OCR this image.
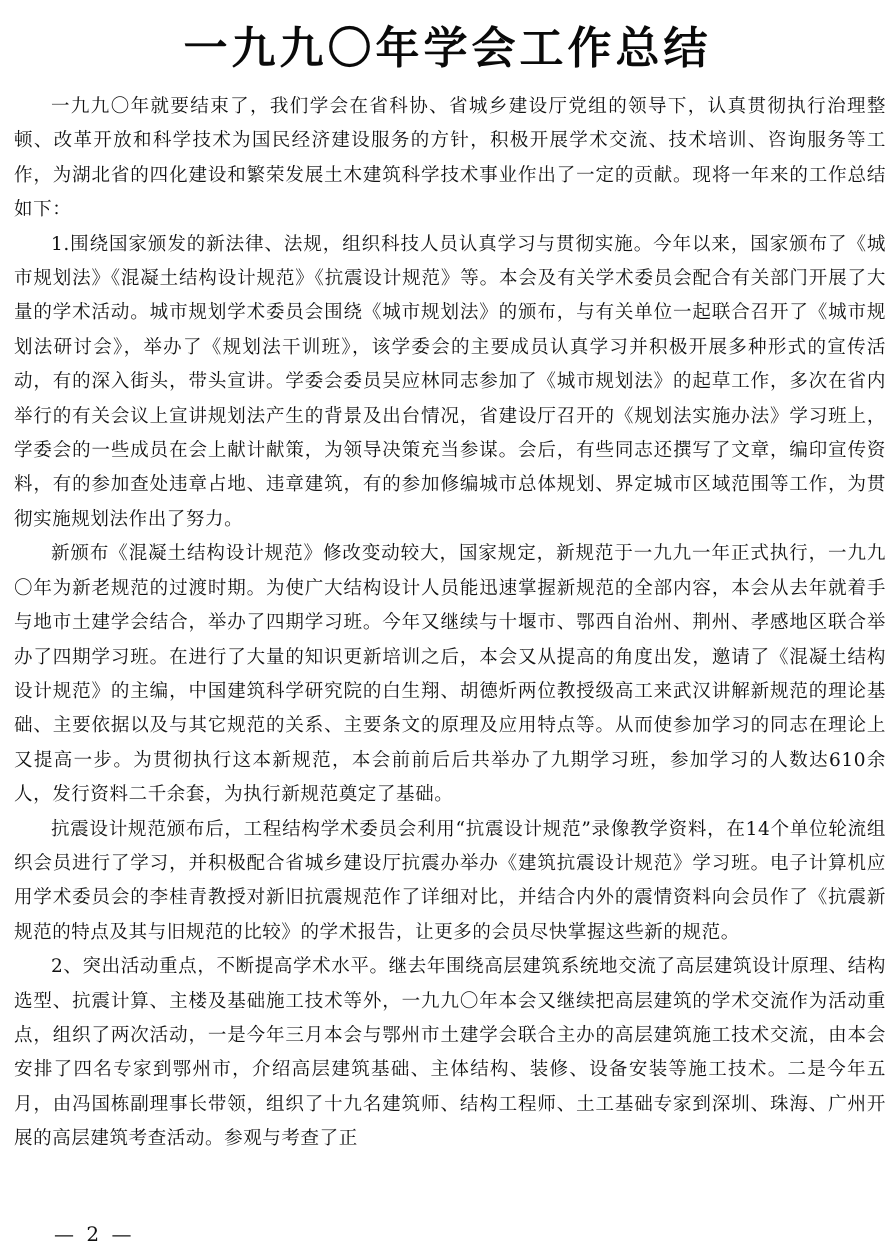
一九九〇年学会工作总结

一九九〇年就要结束了，我们学会在省科协、省城乡建设厅党组的领导下，认真贯彻执行治理整顿、改革开放和科学技术为国民经济建设服务的方针，积极开展学术交流、技术培训、咨询服务等工作，为湖北省的四化建设和繁荣发展土木建筑科学技术事业作出了一定的贡献。现将一年来的工作总结如下：

1.围绕国家颁发的新法律、法规，组织科技人员认真学习与贯彻实施。今年以来，国家颁布了《城市规划法》《混凝土结构设计规范》《抗震设计规范》等。本会及有关学术委员会配合有关部门开展了大量的学术活动。城市规划学术委员会围绕《城市规划法》的颁布，与有关单位一起联合召开了《城市规划法研讨会》，举办了《规划法干训班》，该学委会的主要成员认真学习并积极开展多种形式的宣传活动，有的深入街头，带头宣讲。学委会委员吴应林同志参加了《城市规划法》的起草工作，多次在省内举行的有关会议上宣讲规划法产生的背景及出台情况，省建设厅召开的《规划法实施办法》学习班上，学委会的一些成员在会上献计献策，为领导决策充当参谋。会后，有些同志还撰写了文章，编印宣传资料，有的参加查处违章占地、违章建筑，有的参加修编城市总体规划、界定城市区域范围等工作，为贯彻实施规划法作出了努力。

新颁布《混凝土结构设计规范》修改变动较大，国家规定，新规范于一九九一年正式执行，一九九〇年为新老规范的过渡时期。为使广大结构设计人员能迅速掌握新规范的全部内容，本会从去年就着手与地市土建学会结合，举办了四期学习班。今年又继续与十堰市、鄂西自治州、荆州、孝感地区联合举办了四期学习班。在进行了大量的知识更新培训之后，本会又从提高的角度出发，邀请了《混凝土结构设计规范》的主编，中国建筑科学研究院的白生翔、胡德炘两位教授级高工来武汉讲解新规范的理论基础、主要依据以及与其它规范的关系、主要条文的原理及应用特点等。从而使参加学习的同志在理论上又提高一步。为贯彻执行这本新规范，本会前前后后共举办了九期学习班，参加学习的人数达610余人，发行资料二千余套，为执行新规范奠定了基础。

抗震设计规范颁布后，工程结构学术委员会利用“抗震设计规范”录像教学资料，在14个单位轮流组织会员进行了学习，并积极配合省城乡建设厅抗震办举办《建筑抗震设计规范》学习班。电子计算机应用学术委员会的李桂青教授对新旧抗震规范作了详细对比，并结合内外的震情资料向会员作了《抗震新规范的特点及其与旧规范的比较》的学术报告，让更多的会员尽快掌握这些新的规范。

2、突出活动重点，不断提高学术水平。继去年围绕高层建筑系统地交流了高层建筑设计原理、结构选型、抗震计算、主楼及基础施工技术等外，一九九〇年本会又继续把高层建筑的学术交流作为活动重点，组织了两次活动，一是今年三月本会与鄂州市土建学会联合主办的高层建筑施工技术交流，由本会安排了四名专家到鄂州市，介绍高层建筑基础、主体结构、装修、设备安装等施工技术。二是今年五月，由冯国栋副理事长带领，组织了十九名建筑师、结构工程师、土工基础专家到深圳、珠海、广州开展的高层建筑考查活动。参观与考查了正

— 2 —
